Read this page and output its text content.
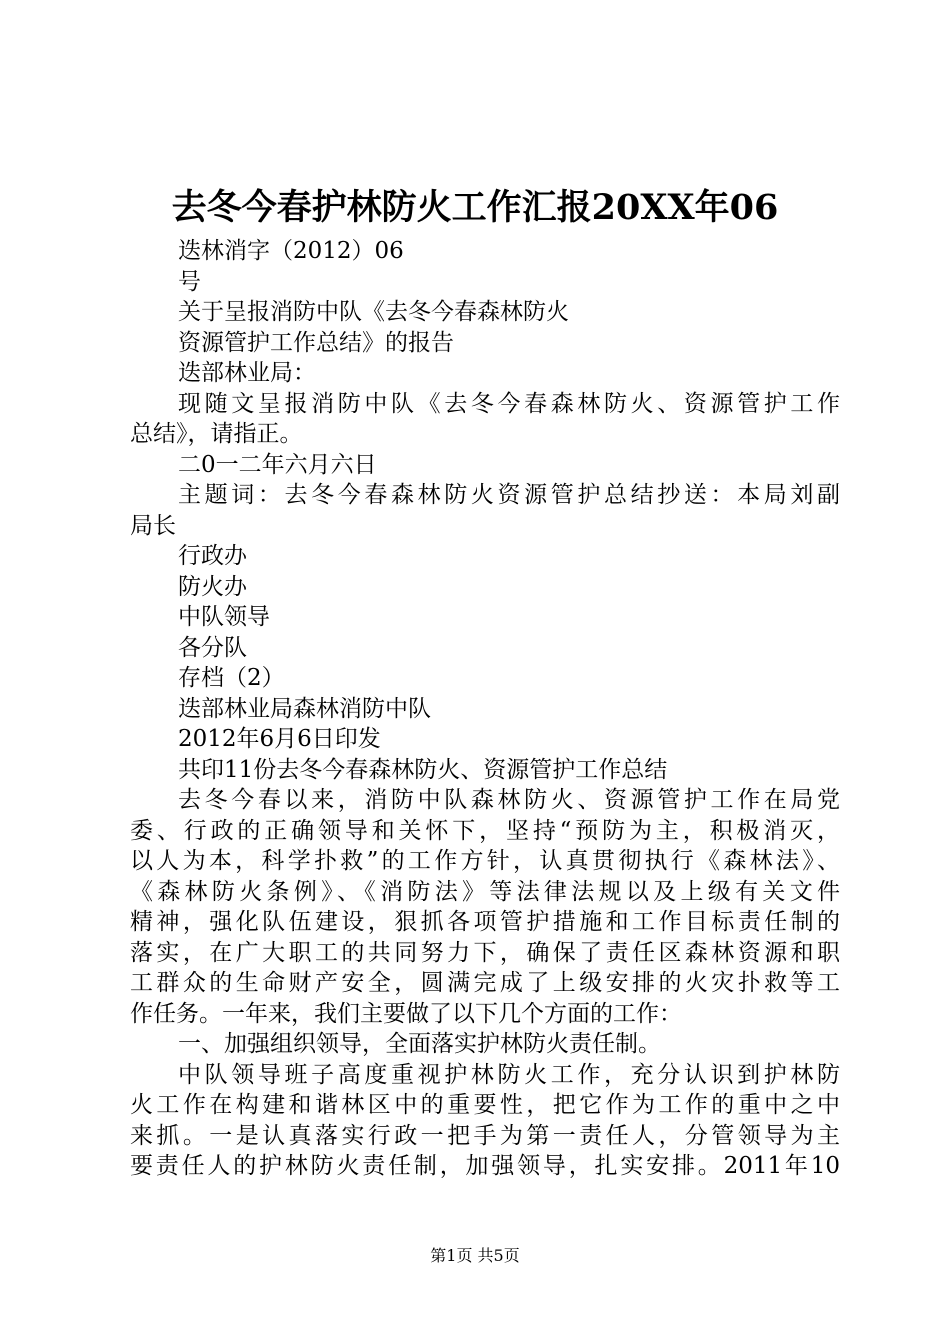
去冬今春护林防火工作汇报20XX年06

迭林消字（2012）06

号

关于呈报消防中队《去冬今春森林防火

资源管护工作总结》的报告

迭部林业局：

现随文呈报消防中队《去冬今春森林防火、资源管护工作

总结》，请指正。

二0一二年六月六日

主题词：去冬今春森林防火资源管护总结抄送：本局刘副

局长

行政办

防火办

中队领导

各分队

存档（2）

迭部林业局森林消防中队

2012年6月6日印发

共印11份去冬今春森林防火、资源管护工作总结

去冬今春以来，消防中队森林防火、资源管护工作在局党

委、行政的正确领导和关怀下，坚持“预防为主，积极消灭，

以人为本，科学扑救”的工作方针，认真贯彻执行《森林法》、

《森林防火条例》、《消防法》等法律法规以及上级有关文件

精神，强化队伍建设，狠抓各项管护措施和工作目标责任制的

落实，在广大职工的共同努力下，确保了责任区森林资源和职

工群众的生命财产安全，圆满完成了上级安排的火灾扑救等工

作任务。一年来，我们主要做了以下几个方面的工作：

一、加强组织领导，全面落实护林防火责任制。

中队领导班子高度重视护林防火工作，充分认识到护林防

火工作在构建和谐林区中的重要性，把它作为工作的重中之中

来抓。一是认真落实行政一把手为第一责任人，分管领导为主

要责任人的护林防火责任制，加强领导，扎实安排。2011年10

第1页 共5页
